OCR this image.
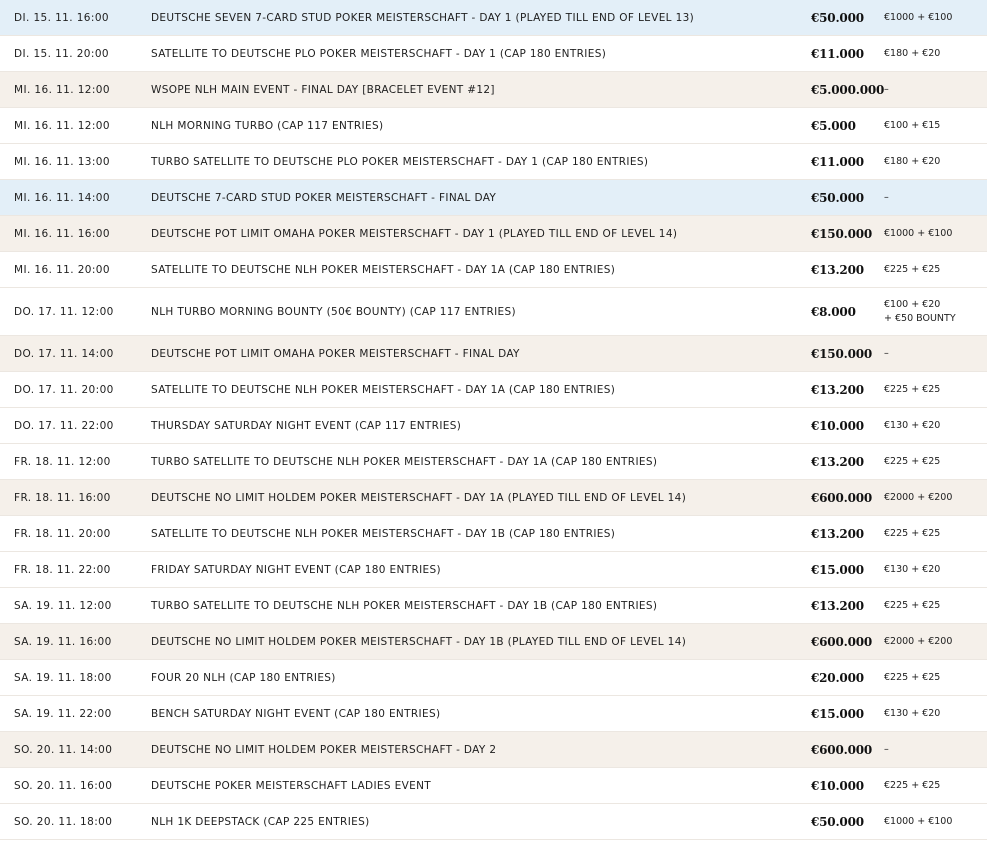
DI. 15. 11. 16:00	DEUTSCHE SEVEN 7-CARD STUD POKER MEISTERSCHAFT - DAY 1 (PLAYED TILL END OF LEVEL 13)	€50.000 €1000 + €100
DI. 15. 11. 20:00	SATELLITE TO DEUTSCHE PLO POKER MEISTERSCHAFT - DAY 1 (CAP 180 ENTRIES)	€11.000 €180 + €20
MI. 16. 11. 12:00	WSOPE NLH MAIN EVENT - FINAL DAY [BRACELET EVENT #12]	€5.000.000 –
MI. 16. 11. 12:00	NLH MORNING TURBO (CAP 117 ENTRIES)	€5.000	€100 + €15
MI. 16. 11. 13:00	TURBO SATELLITE TO DEUTSCHE PLO POKER MEISTERSCHAFT - DAY 1 (CAP 180 ENTRIES)	€11.000 €180 + €20
MI. 16. 11. 14:00	DEUTSCHE 7-CARD STUD POKER MEISTERSCHAFT - FINAL DAY	€50.000 –
MI. 16. 11. 16:00	DEUTSCHE POT LIMIT OMAHA POKER MEISTERSCHAFT - DAY 1 (PLAYED TILL END OF LEVEL 14)	€150.000 €1000 + €100
MI. 16. 11. 20:00	SATELLITE TO DEUTSCHE NLH POKER MEISTERSCHAFT - DAY 1A (CAP 180 ENTRIES)	€13.200 €225 + €25
DO. 17. 11. 12:00	NLH TURBO MORNING BOUNTY (50€ BOUNTY) (CAP 117 ENTRIES)	€8.000
€100 + €20
+ €50 BOUNTY
DO. 17. 11. 14:00	DEUTSCHE POT LIMIT OMAHA POKER MEISTERSCHAFT - FINAL DAY	€150.000 –
DO. 17. 11. 20:00	SATELLITE TO DEUTSCHE NLH POKER MEISTERSCHAFT - DAY 1A (CAP 180 ENTRIES)	€13.200 €225 + €25
DO. 17. 11. 22:00	THURSDAY SATURDAY NIGHT EVENT (CAP 117 ENTRIES)	€10.000 €130 + €20
FR. 18. 11. 12:00	TURBO SATELLITE TO DEUTSCHE NLH POKER MEISTERSCHAFT - DAY 1A (CAP 180 ENTRIES)	€13.200 €225 + €25
FR. 18. 11. 16:00	DEUTSCHE NO LIMIT HOLDEM POKER MEISTERSCHAFT - DAY 1A (PLAYED TILL END OF LEVEL 14)	€600.000 €2000 + €200
FR. 18. 11. 20:00	SATELLITE TO DEUTSCHE NLH POKER MEISTERSCHAFT - DAY 1B (CAP 180 ENTRIES)	€13.200 €225 + €25
FR. 18. 11. 22:00	FRIDAY SATURDAY NIGHT EVENT (CAP 180 ENTRIES)	€15.000 €130 + €20
SA. 19. 11. 12:00	TURBO SATELLITE TO DEUTSCHE NLH POKER MEISTERSCHAFT - DAY 1B (CAP 180 ENTRIES)	€13.200 €225 + €25
SA. 19. 11. 16:00	DEUTSCHE NO LIMIT HOLDEM POKER MEISTERSCHAFT - DAY 1B (PLAYED TILL END OF LEVEL 14)	€600.000 €2000 + €200
SA. 19. 11. 18:00	FOUR 20 NLH (CAP 180 ENTRIES)	€20.000 €225 + €25
SA. 19. 11. 22:00	BENCH SATURDAY NIGHT EVENT (CAP 180 ENTRIES)	€15.000 €130 + €20
SO. 20. 11. 14:00	DEUTSCHE NO LIMIT HOLDEM POKER MEISTERSCHAFT - DAY 2	€600.000 –
SO. 20. 11. 16:00	DEUTSCHE POKER MEISTERSCHAFT LADIES EVENT	€10.000 €225 + €25
SO. 20. 11. 18:00	NLH 1K DEEPSTACK (CAP 225 ENTRIES)	€50.000 €1000 + €100
